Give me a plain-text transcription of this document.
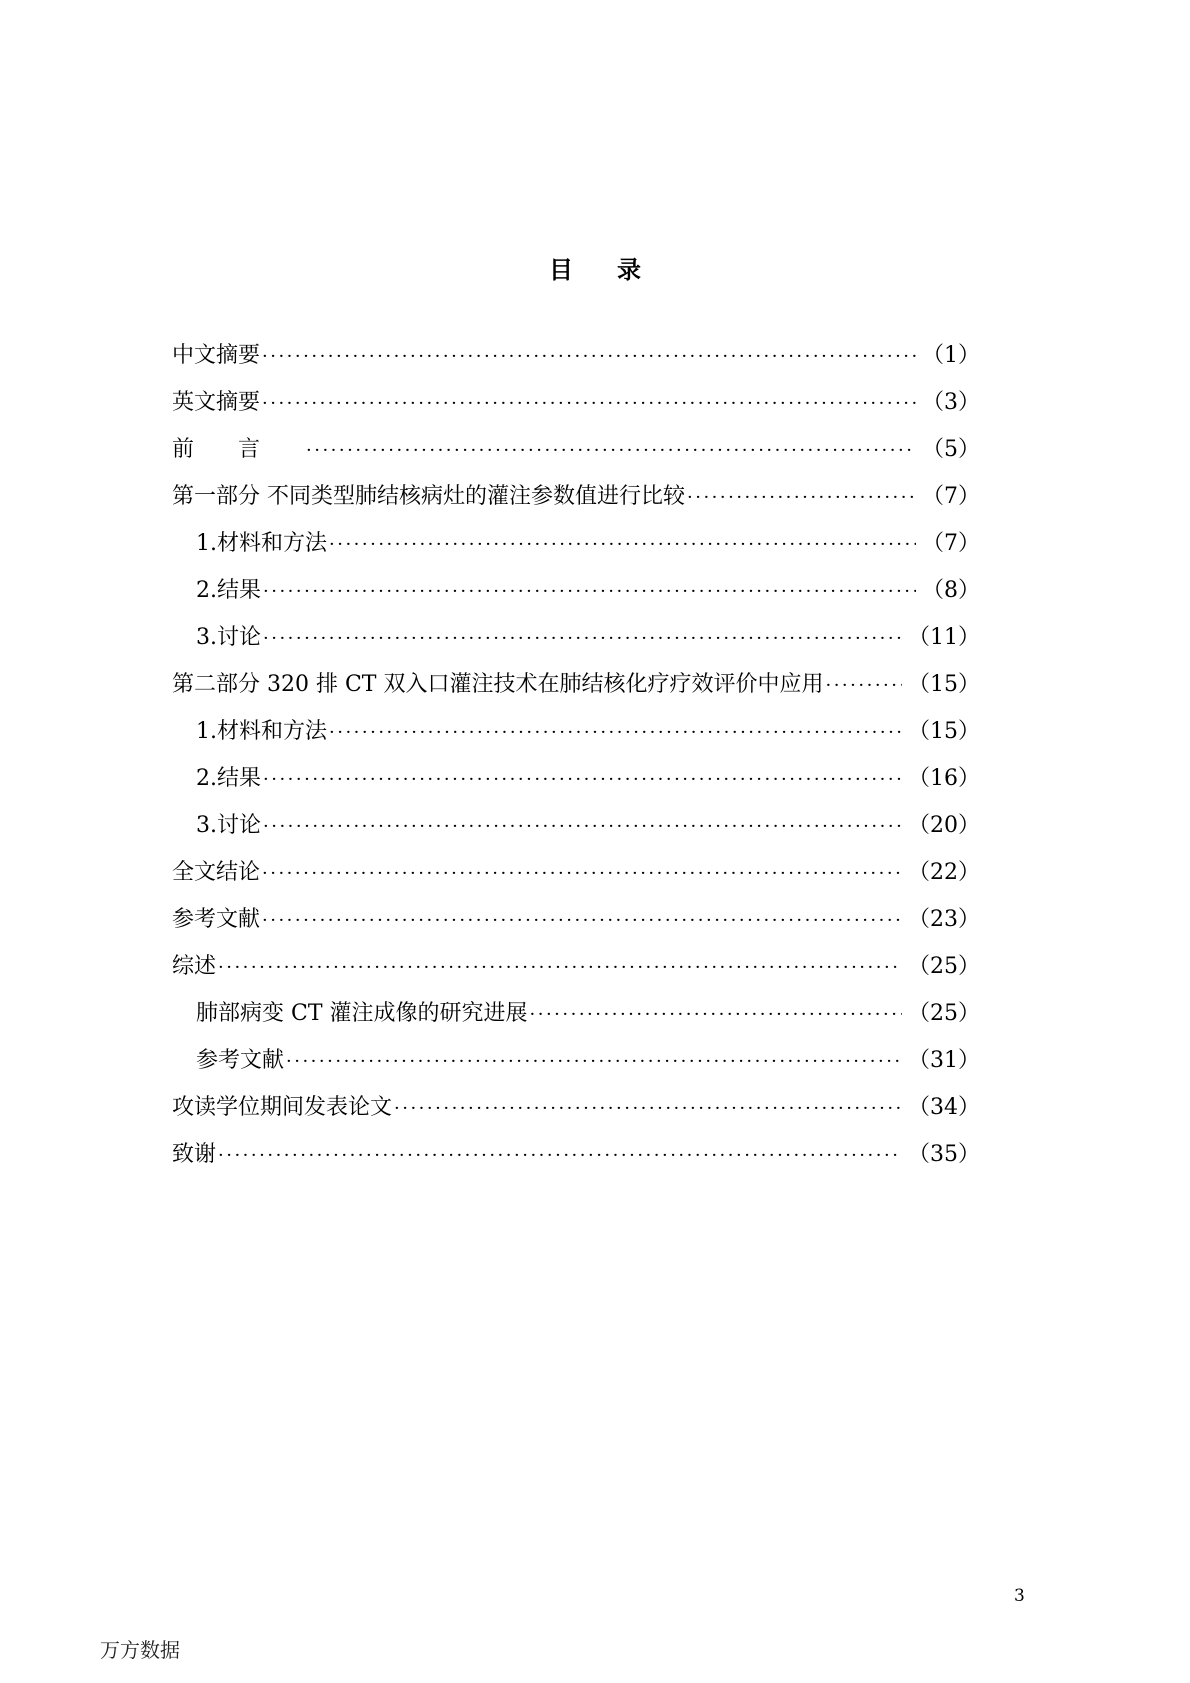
目录
中文摘要 ·····	（1）
英文摘要 ·····	（3）
前言 ·····	（5）
第一部分 不同类型肺结核病灶的灌注参数值进行比较 ·····	（7）
1.材料和方法 ·····	（7）
2.结果 ·····	（8）
3.讨论 ·····	（11）
第二部分 320 排 CT 双入口灌注技术在肺结核化疗疗效评价中应用 ·····	（15）
1.材料和方法 ·····	（15）
2.结果 ·····	（16）
3.讨论 ·····	（20）
全文结论 ·····	（22）
参考文献 ·····	（23）
综述 ·····	（25）
肺部病变 CT 灌注成像的研究进展 ·····	（25）
参考文献 ·····	（31）
攻读学位期间发表论文 ·····	（34）
致谢 ·····	（35）
3
万方数据
